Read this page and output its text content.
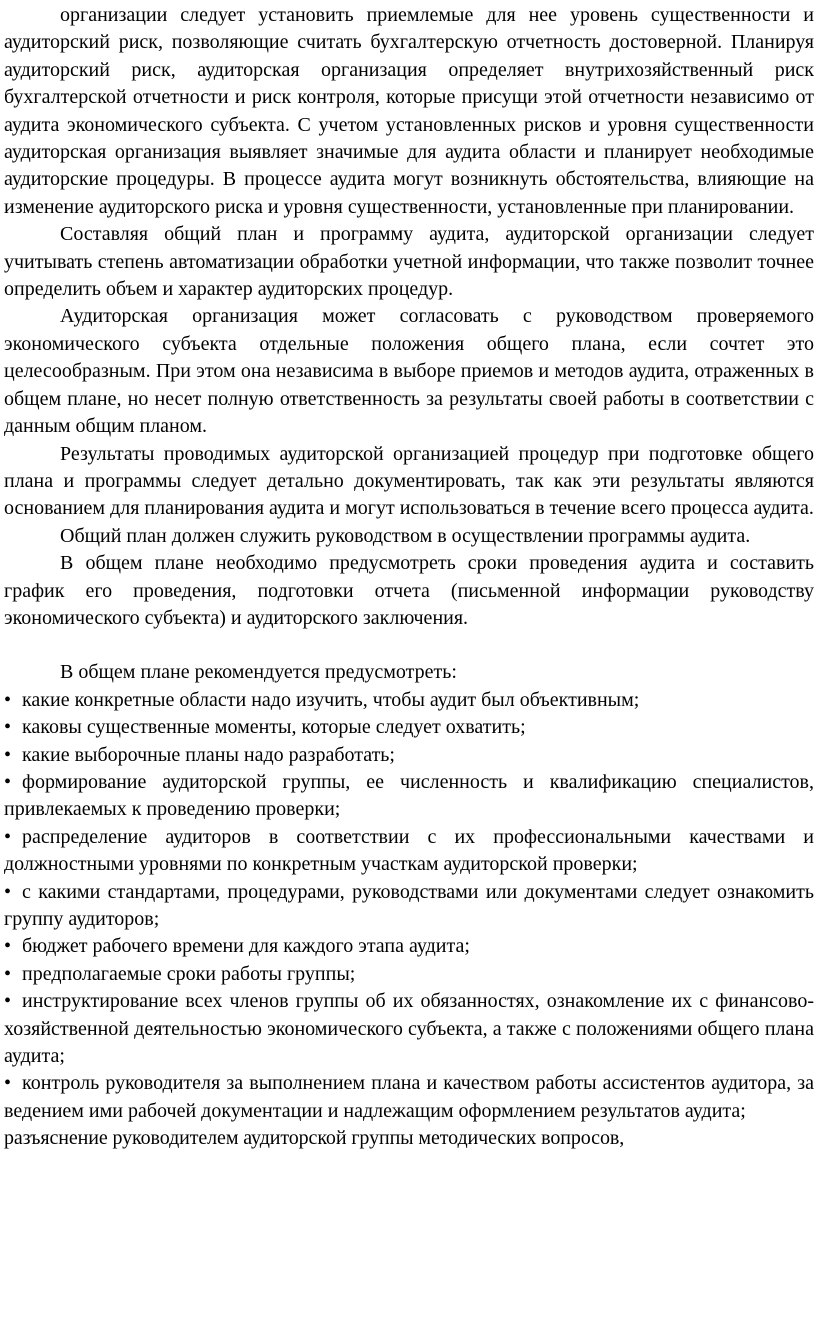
организации следует установить приемлемые для нее уровень существенности и аудиторский риск, позволяющие считать бухгалтерскую отчетность достоверной. Планируя аудиторский риск, аудиторская организация определяет внутрихозяйственный риск бухгалтерской отчетности и риск контроля, которые присущи этой отчетности независимо от аудита экономического субъекта. С учетом установленных рисков и уровня существенности аудиторская организация выявляет значимые для аудита области и планирует необходимые аудиторские процедуры. В процессе аудита могут возникнуть обстоятельства, влияющие на изменение аудиторского риска и уровня существенности, установленные при планировании.

Составляя общий план и программу аудита, аудиторской организации следует учитывать степень автоматизации обработки учетной информации, что также позволит точнее определить объем и характер аудиторских процедур.

Аудиторская организация может согласовать с руководством проверяемого экономического субъекта отдельные положения общего плана, если сочтет это целесообразным. При этом она независима в выборе приемов и методов аудита, отраженных в общем плане, но несет полную ответственность за результаты своей работы в соответствии с данным общим планом.

Результаты проводимых аудиторской организацией процедур при подготовке общего плана и программы следует детально документировать, так как эти результаты являются основанием для планирования аудита и могут использоваться в течение всего процесса аудита.

Общий план должен служить руководством в осуществлении программы аудита.

В общем плане необходимо предусмотреть сроки проведения аудита и составить график его проведения, подготовки отчета (письменной информации руководству экономического субъекта) и аудиторского заключения.

В общем плане рекомендуется предусмотреть:

• какие конкретные области надо изучить, чтобы аудит был объективным;

• каковы существенные моменты, которые следует охватить;

• какие выборочные планы надо разработать;

• формирование аудиторской группы, ее численность и квалификацию специалистов, привлекаемых к проведению проверки;

• распределение аудиторов в соответствии с их профессиональными качествами и должностными уровнями по конкретным участкам аудиторской проверки;

• с какими стандартами, процедурами, руководствами или документами следует ознакомить группу аудиторов;

• бюджет рабочего времени для каждого этапа аудита;

• предполагаемые сроки работы группы;

• инструктирование всех членов группы об их обязанностях, ознакомление их с финансово-хозяйственной деятельностью экономического субъекта, а также с положениями общего плана аудита;

• контроль руководителя за выполнением плана и качеством работы ассистентов аудитора, за ведением ими рабочей документации и надлежащим оформлением результатов аудита;

разъяснение руководителем аудиторской группы методических вопросов,
